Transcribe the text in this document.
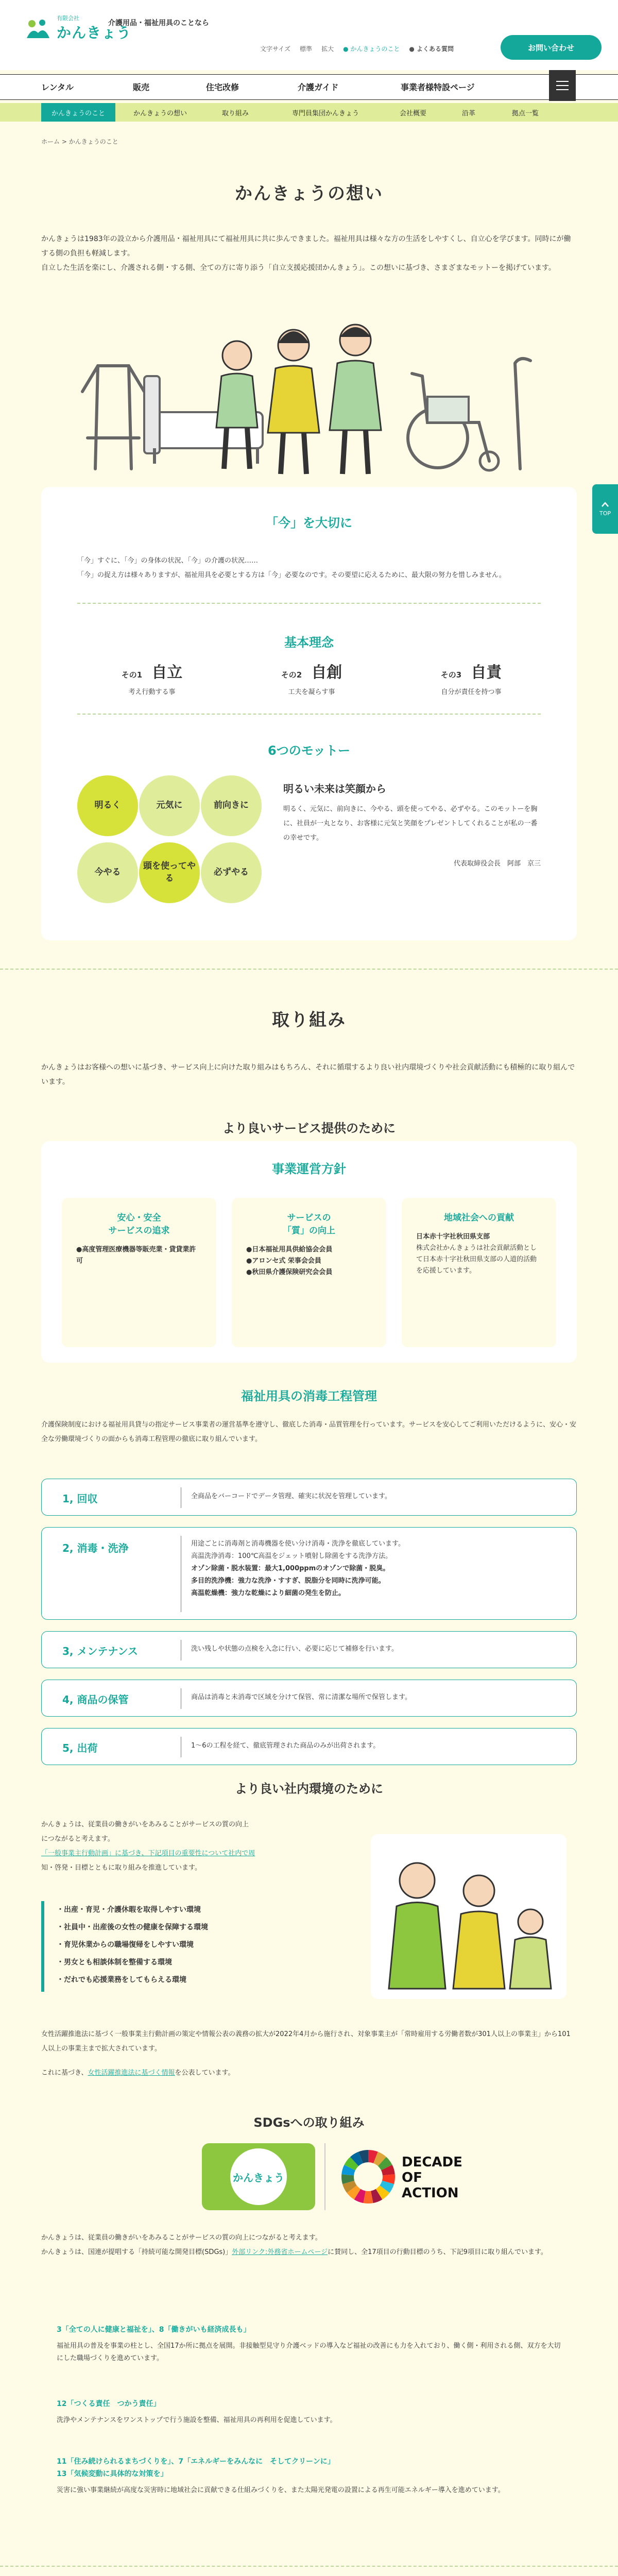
有限会社
かんきょう
介護用品・福祉用具のことなら
文字サイズ 標準 拡大 ● かんきょうのこと ● よくある質問	お問い合わせ
レンタル	販売	住宅改修	介護ガイド	事業者様特設ページ
かんきょうのこと	かんきょうの想い	取り組み	専門員集団かんきょう	会社概要	沿革	拠点一覧
ホーム > かんきょうのこと
TOP
かんきょうの想い

かんきょうは1983年の設立から介護用品・福祉用具にて福祉用具に共に歩んできました。福祉用具は様々な方の生活をしやすくし、自立心を学びます。同時にが働する側の負担も軽減します。

自立した生活を楽にし、介護される側・する側、全ての方に寄り添う「自立支援応援団かんきょう」。この想いに基づき、さまざまなモットーを掲げています。

「今」を大切に

「今」すぐに、「今」の身体の状況、「今」の介護の状況……

「今」の捉え方は様々ありますが、福祉用具を必要とする方は「今」必要なのです。その要望に応えるために、最大限の努力を惜しみません。

基本理念
6つのモットー
明るい未来は笑顔から
明るく、元気に、前向きに、今やる、頭を使ってやる、必ずやる。このモットーを胸に、社員が一丸となり、お客様に元気と笑顔をプレゼントしてくれることが私の一番の幸せです。
代表取締役会長　阿部　京三
その1 自立
考え行動する事
その2 自創
工夫を凝らす事
その3 自責
自分が責任を持つ事
明るく	元気に	前向きに
今やる
頭を使ってやる
必ずやる
取り組み
かんきょうはお客様への想いに基づき、サービス向上に向けた取り組みはもちろん、それに循環するより良い社内環境づくりや社会貢献活動にも積極的に取り組んでいます。
より良いサービス提供のために
事業運営方針
安心・安全
サービスの追求
●高度管理医療機器等販売業・貸貸業許可
サービスの
「質」の向上
●日本福祉用具供給協会会員
●アロンセ式 栄事会会員
●秋田県介護保険研究会会員
地域社会への貢献
日本赤十字社秋田県支部
株式会社かんきょうは社会貢献活動として日本赤十字社秋田県支部の人道的活動を応援しています。
福祉用具の消毒工程管理
介護保険制度における福祉用具貸与の指定サービス事業者の運営基準を遵守し、徹底した消毒・品質管理を行っています。サービスを安心してご利用いただけるように、安心・安全な労働環境づくりの面からも消毒工程管理の徹底に取り組んでいます。
より良い社内環境のために

かんきょうは、従業員の働きがいをあみることがサービスの質の向上

につながると考えます。

「一般事業主行動計画」に基づき、下記項目の重要性について社内で周

知・啓発・目標とともに取り組みを推進しています。

・出産・育児・介護休暇を取得しやすい環境
・社員中・出産後の女性の健康を保障する環境
・育児休業からの職場復帰をしやすい環境
・男女とも相談体制を整備する環境
・だれでも応援業務をしてもらえる環境
女性活躍推進法に基づく一般事業主行動計画の策定や情報公表の義務の拡大が2022年4月から施行され、対象事業主が「常時雇用する労働者数が301人以上の事業主」から101人以上の事業主まで拡大されています。
これに基づき、女性活躍推進法に基づく情報を公表しています。
SDGsへの取り組み
かんきょう
DECADE
OF
ACTION

かんきょうは、従業員の働きがいをあみることがサービスの質の向上につながると考えます。

かんきょうは、国連が提唱する「持続可能な開発目標(SDGs)」外部リンク:外務省ホームページに賛同し、全17項目の行動目標のうち、下記9項目に取り組んでいます。

1, 回収	全商品をバーコードでデータ管理、確実に状況を管理しています。
2, 消毒・洗浄	用途ごとに消毒剤と消毒機器を使い分け消毒・洗浄を徹底しています。
高温洗浄消毒：100℃高温をジェット噴射し除菌をする洗浄方法。
オゾン除菌・脱水装置：最大1,000ppmのオゾンで除菌・脱臭。
多目的洗浄機：強力な洗浄・すすぎ、脱脂分を同時に洗浄可能。
高温乾燥機：強力な乾燥により細菌の発生を防止。
3, メンテナンス	洗い残しや状態の点検を入念に行い、必要に応じて補修を行います。
4, 商品の保管	商品は消毒と未消毒で区域を分けて保管、常に清潔な場所で保管します。
5, 出荷	1〜6の工程を経て、徹底管理された商品のみが出荷されます。
3「全ての人に健康と福祉を」、8「働きがいも経済成長も」
福祉用具の普及を事業の柱とし、全国17か所に拠点を展開。非接触型見守り介護ベッドの導入など福祉の改善にも力を入れており、働く側・利用される側、双方を大切にした職場づくりを進めています。
12「つくる責任　つかう責任」
洗浄やメンテナンスをワンストップで行う施設を整備、福祉用具の再利用を促進しています。
11「住み続けられるまちづくりを」、7「エネルギーをみんなに　そしてクリーンに」
13「気候変動に具体的な対策を」
災害に強い事業継続が高度な災害時に地域社会に貢献できる仕組みづくりを、また太陽光発電の設置による再生可能エネルギー導入を進めています。
